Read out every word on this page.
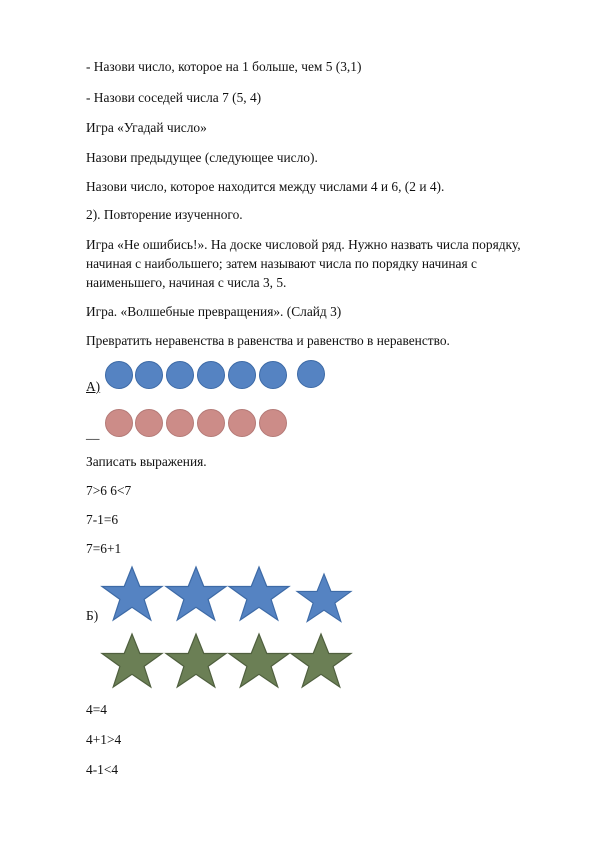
- Назови число, которое на 1 больше, чем 5 (3,1)
- Назови соседей числа 7 (5, 4)
Игра «Угадай число»
Назови предыдущее (следующее число).
Назови число, которое находится между числами 4 и 6, (2 и 4).
2). Повторение изученного.
Игра «Не ошибись!». На доске числовой ряд. Нужно назвать числа порядку,
начиная с наибольшего; затем называют числа по порядку начиная с
наименьшего, начиная с числа 3, 5.
Игра. «Волшебные превращения». (Слайд 3)
Превратить неравенства в равенства и равенство в неравенство.
А)
__
Записать выражения.
7>6 6<7
7-1=6
7=6+1
Б)
4=4
4+1>4
4-1<4
